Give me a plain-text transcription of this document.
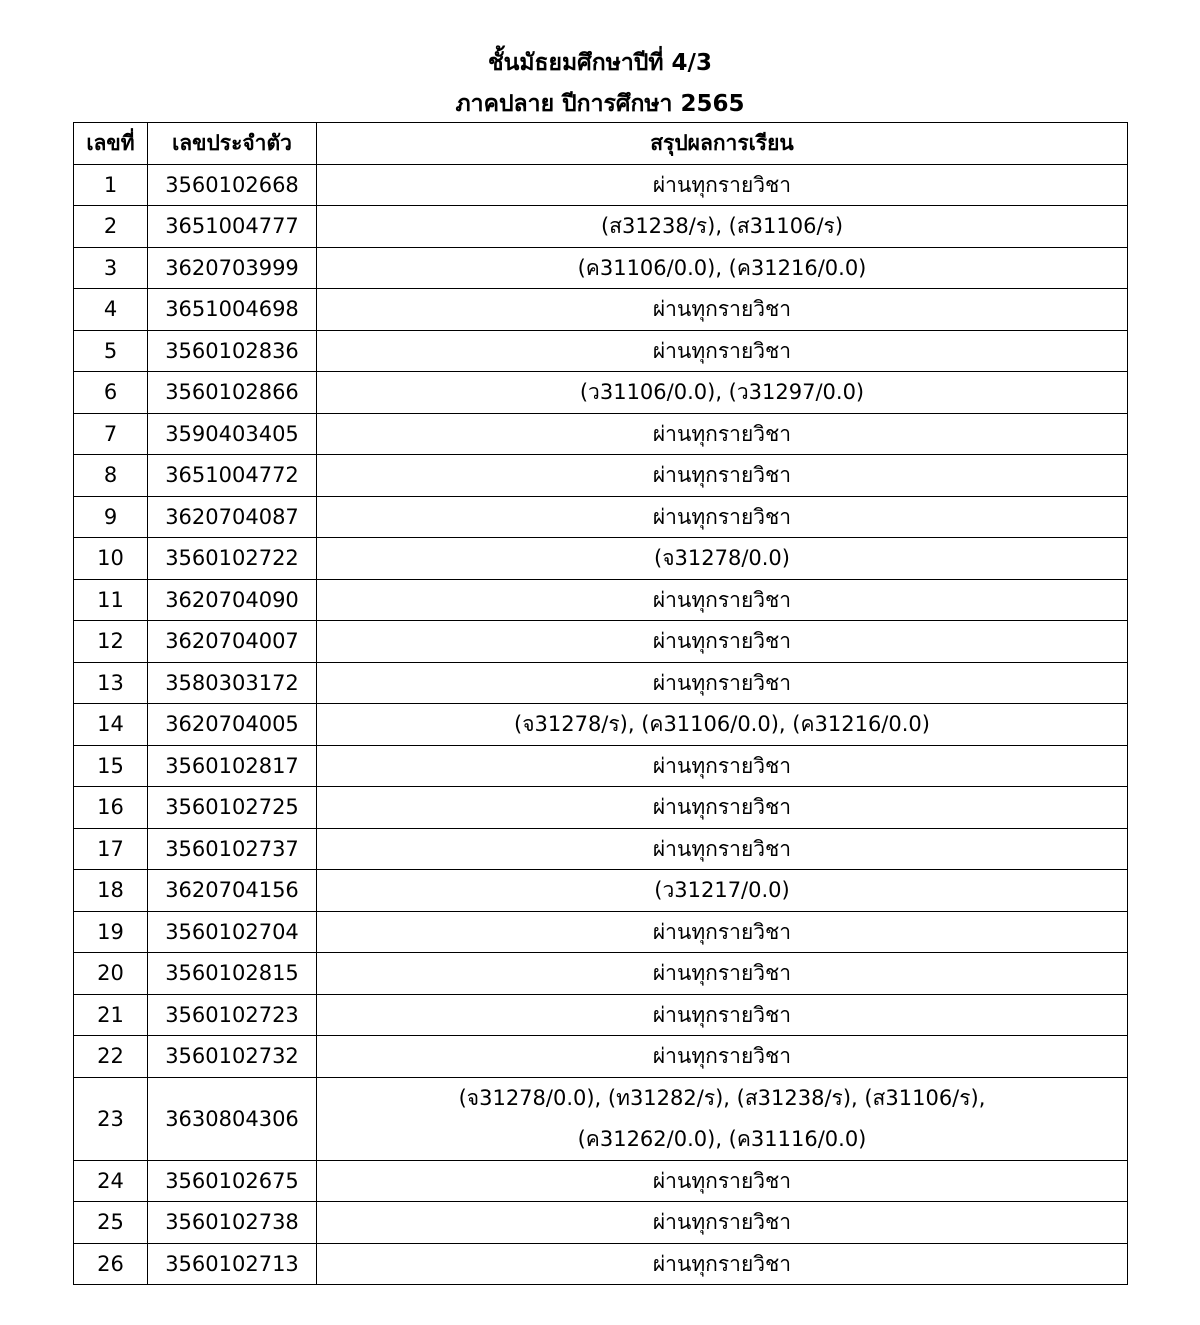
ชั้นมัธยมศึกษาปีที่ 4/3
ภาคปลาย ปีการศึกษา 2565
เลขที่	เลขประจำตัว	สรุปผลการเรียน
1	3560102668	ผ่านทุกรายวิชา

2	3651004777	(ส31238/ร), (ส31106/ร)

3	3620703999	(ค31106/0.0), (ค31216/0.0)

4	3651004698	ผ่านทุกรายวิชา

5	3560102836	ผ่านทุกรายวิชา

6	3560102866	(ว31106/0.0), (ว31297/0.0)

7	3590403405	ผ่านทุกรายวิชา

8	3651004772	ผ่านทุกรายวิชา

9	3620704087	ผ่านทุกรายวิชา

10	3560102722	(จ31278/0.0)

11	3620704090	ผ่านทุกรายวิชา

12	3620704007	ผ่านทุกรายวิชา

13	3580303172	ผ่านทุกรายวิชา

14	3620704005	(จ31278/ร), (ค31106/0.0), (ค31216/0.0)

15	3560102817	ผ่านทุกรายวิชา

16	3560102725	ผ่านทุกรายวิชา

17	3560102737	ผ่านทุกรายวิชา

18	3620704156	(ว31217/0.0)

19	3560102704	ผ่านทุกรายวิชา

20	3560102815	ผ่านทุกรายวิชา

21	3560102723	ผ่านทุกรายวิชา

22	3560102732	ผ่านทุกรายวิชา

23	3630804306	(จ31278/0.0), (ท31282/ร), (ส31238/ร), (ส31106/ร),
(ค31262/0.0), (ค31116/0.0)

24	3560102675	ผ่านทุกรายวิชา

25	3560102738	ผ่านทุกรายวิชา

26	3560102713	ผ่านทุกรายวิชา
